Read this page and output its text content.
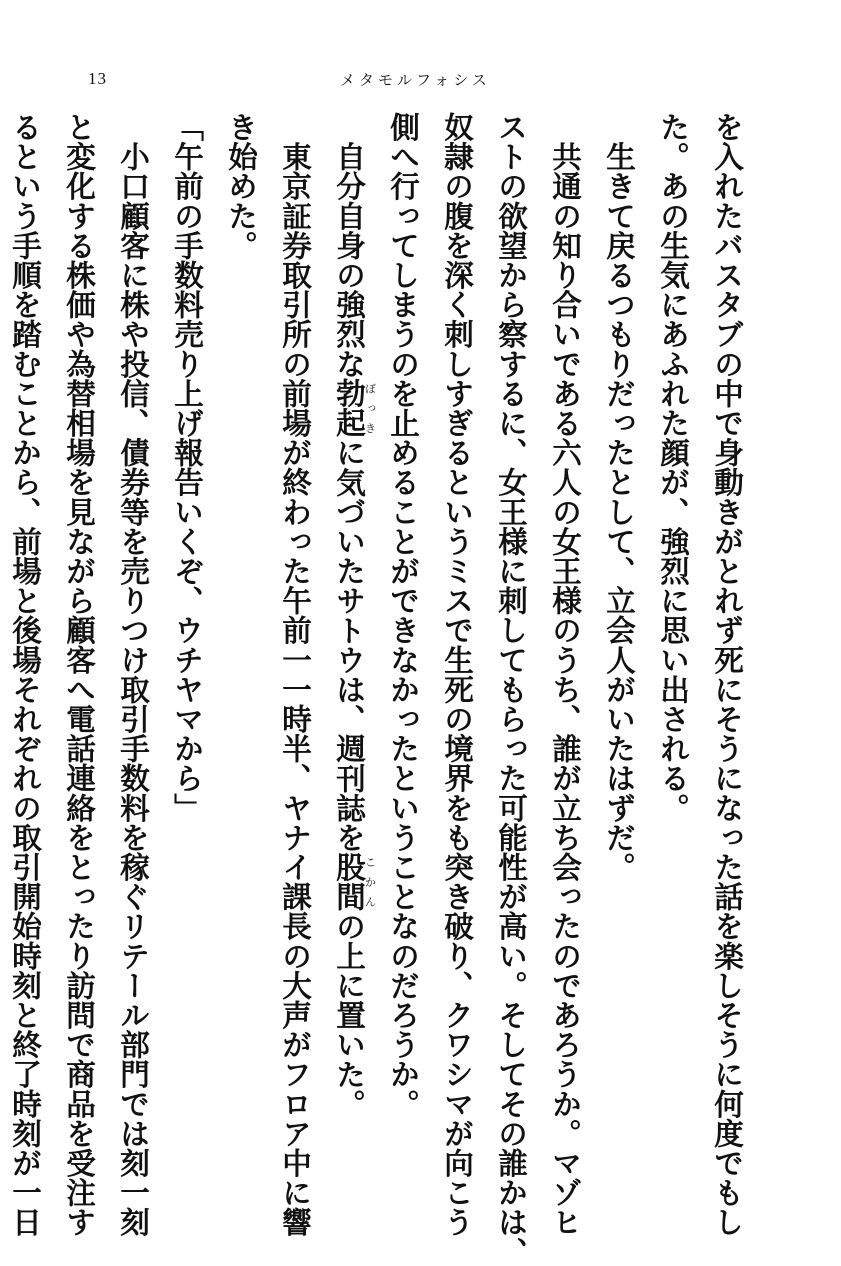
13	メタモルフォシス

を入れたバスタブの中で身動きがとれず死にそうになった話を楽しそうに何度でもし

た。あの生気にあふれた顔が、強烈に思い出される。

　生きて戻るつもりだったとして、立会人がいたはずだ。

　共通の知り合いである六人の女王様のうち、誰が立ち会ったのであろうか。マゾヒ

ストの欲望から察するに、女王様に刺してもらった可能性が高い。そしてその誰かは、

奴隷の腹を深く刺しすぎるというミスで生死の境界をも突き破り、クワシマが向こう

側へ行ってしまうのを止めることができなかったということなのだろうか。

　自分自身の強烈な勃起ぼっきに気づいたサトウは、週刊誌を股間こかんの上に置いた。

　東京証券取引所の前場が終わった午前一一時半、ヤナイ課長の大声がフロア中に響

き始めた。

「午前の手数料売り上げ報告いくぞ、ウチヤマから」

　小口顧客に株や投信、債券等を売りつけ取引手数料を稼ぐリテール部門では刻一刻

と変化する株価や為替相場を見ながら顧客へ電話連絡をとったり訪問で商品を受注す

るという手順を踏むことから、前場と後場それぞれの取引開始時刻と終了時刻が一日
